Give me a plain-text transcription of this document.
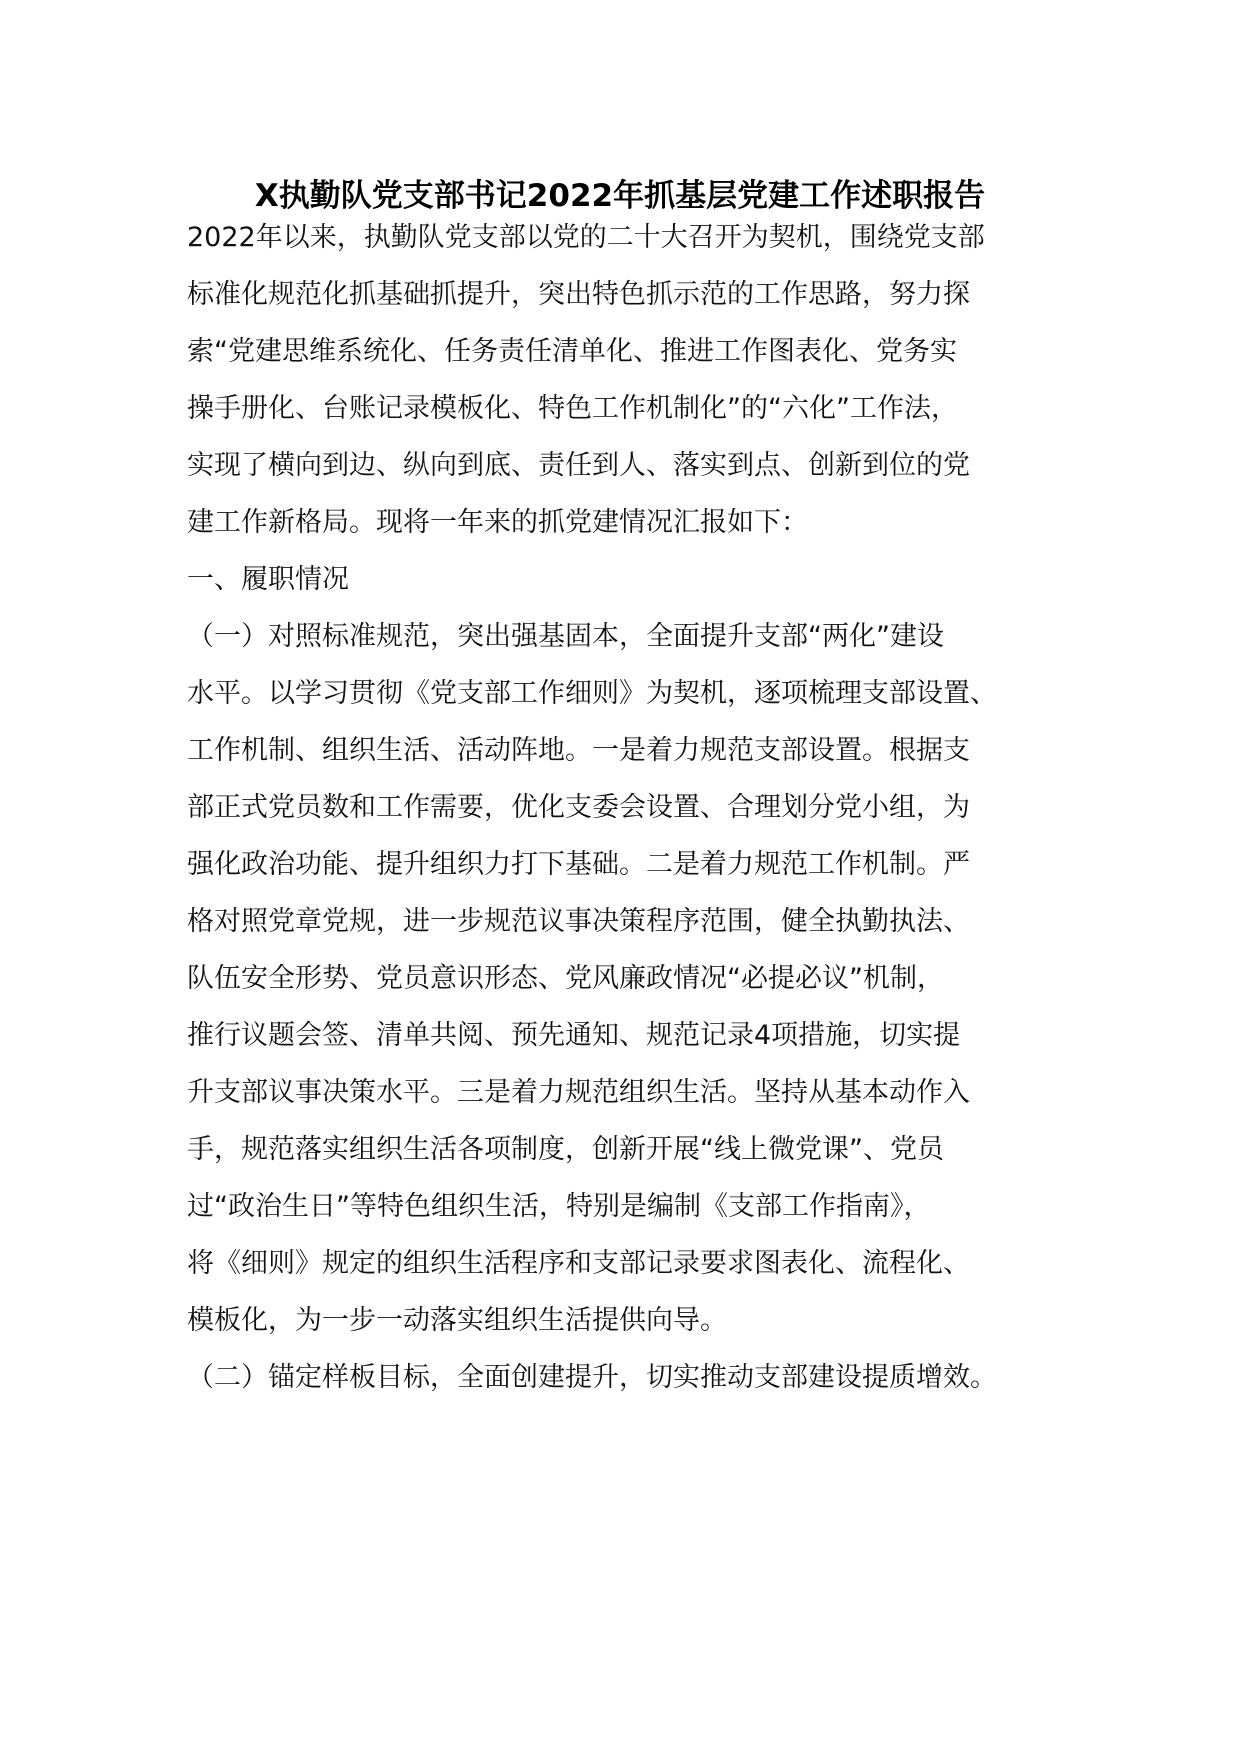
X执勤队党支部书记2022年抓基层党建工作述职报告
2022年以来，执勤队党支部以党的二十大召开为契机，围绕党支部
标准化规范化抓基础抓提升，突出特色抓示范的工作思路，努力探
索“党建思维系统化、任务责任清单化、推进工作图表化、党务实
操手册化、台账记录模板化、特色工作机制化”的“六化”工作法，
实现了横向到边、纵向到底、责任到人、落实到点、创新到位的党
建工作新格局。现将一年来的抓党建情况汇报如下：
一、履职情况
（一）对照标准规范，突出强基固本，全面提升支部“两化”建设
水平。以学习贯彻《党支部工作细则》为契机，逐项梳理支部设置、
工作机制、组织生活、活动阵地。一是着力规范支部设置。根据支
部正式党员数和工作需要，优化支委会设置、合理划分党小组，为
强化政治功能、提升组织力打下基础。二是着力规范工作机制。严
格对照党章党规，进一步规范议事决策程序范围，健全执勤执法、
队伍安全形势、党员意识形态、党风廉政情况“必提必议”机制，
推行议题会签、清单共阅、预先通知、规范记录4项措施，切实提
升支部议事决策水平。三是着力规范组织生活。坚持从基本动作入
手，规范落实组织生活各项制度，创新开展“线上微党课”、党员
过“政治生日”等特色组织生活，特别是编制《支部工作指南》，
将《细则》规定的组织生活程序和支部记录要求图表化、流程化、
模板化，为一步一动落实组织生活提供向导。
（二）锚定样板目标，全面创建提升，切实推动支部建设提质增效。
